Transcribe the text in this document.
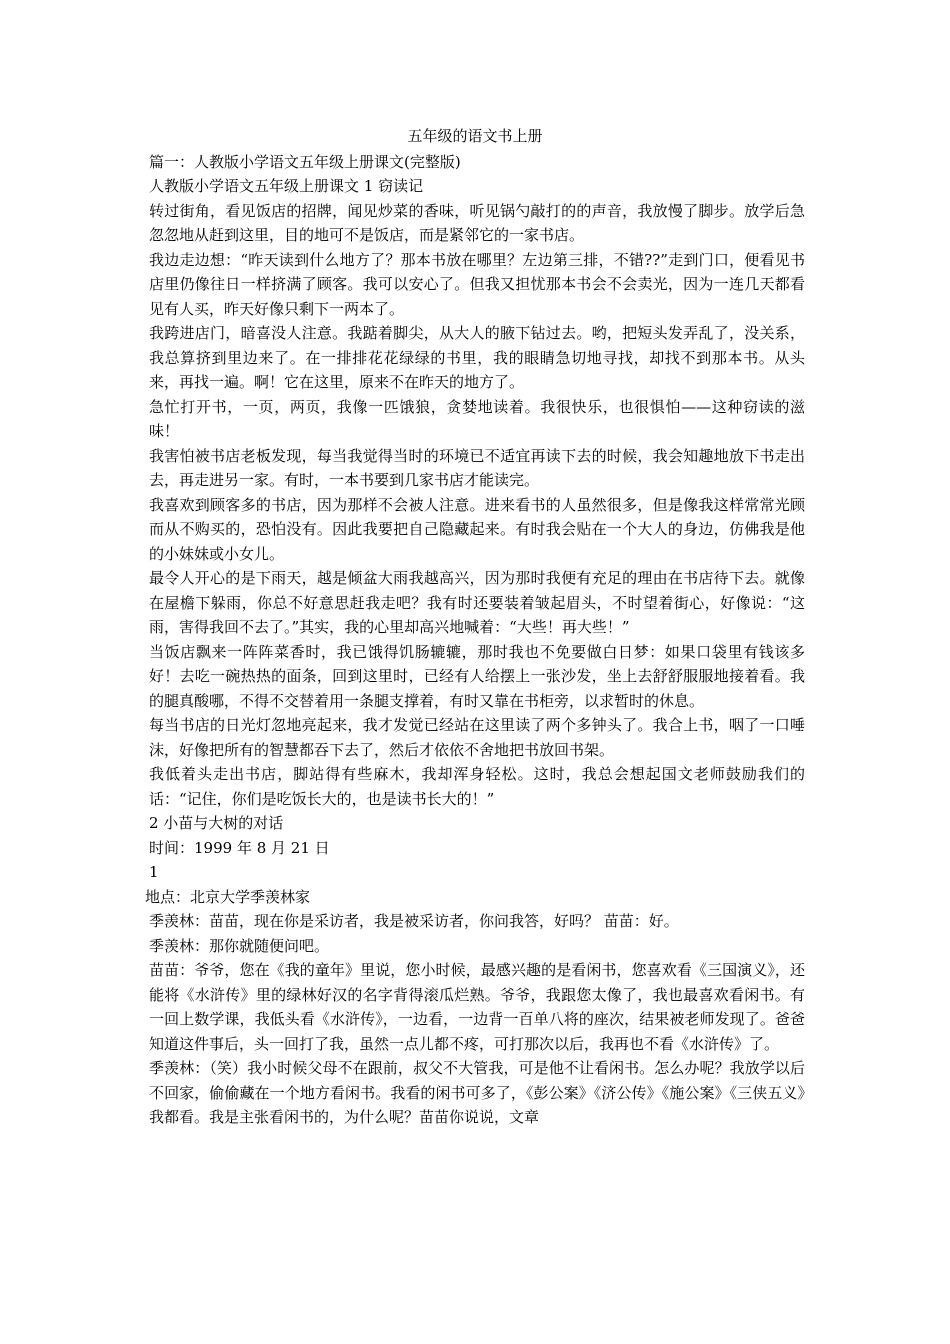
五年级的语文书上册

篇一：人教版小学语文五年级上册课文(完整版)

人教版小学语文五年级上册课文 1 窃读记

转过街角，看见饭店的招牌，闻见炒菜的香味，听见锅勺敲打的的声音，我放慢了脚步。放学后急忽忽地从赶到这里，目的地可不是饭店，而是紧邻它的一家书店。

我边走边想：“昨天读到什么地方了？那本书放在哪里？左边第三排，不错??”走到门口，便看见书店里仍像往日一样挤满了顾客。我可以安心了。但我又担忧那本书会不会卖光，因为一连几天都看见有人买，昨天好像只剩下一两本了。

我跨进店门，暗喜没人注意。我踮着脚尖，从大人的腋下钻过去。哟，把短头发弄乱了，没关系，我总算挤到里边来了。在一排排花花绿绿的书里，我的眼睛急切地寻找，却找不到那本书。从头来，再找一遍。啊！它在这里，原来不在昨天的地方了。

急忙打开书，一页，两页，我像一匹饿狼，贪婪地读着。我很快乐，也很惧怕——这种窃读的滋味！

我害怕被书店老板发现，每当我觉得当时的环境已不适宜再读下去的时候，我会知趣地放下书走出去，再走进另一家。有时，一本书要到几家书店才能读完。

我喜欢到顾客多的书店，因为那样不会被人注意。进来看书的人虽然很多，但是像我这样常常光顾而从不购买的，恐怕没有。因此我要把自己隐藏起来。有时我会贴在一个大人的身边，仿佛我是他的小妹妹或小女儿。

最令人开心的是下雨天，越是倾盆大雨我越高兴，因为那时我便有充足的理由在书店待下去。就像在屋檐下躲雨，你总不好意思赶我走吧？我有时还要装着皱起眉头，不时望着街心，好像说：“这雨，害得我回不去了。”其实，我的心里却高兴地喊着：“大些！再大些！”

当饭店飘来一阵阵菜香时，我已饿得饥肠辘辘，那时我也不免要做白日梦：如果口袋里有钱该多好！去吃一碗热热的面条，回到这里时，已经有人给摆上一张沙发，坐上去舒舒服服地接着看。我的腿真酸哪，不得不交替着用一条腿支撑着，有时又靠在书柜旁，以求暂时的休息。

每当书店的日光灯忽地亮起来，我才发觉已经站在这里读了两个多钟头了。我合上书，咽了一口唾沫，好像把所有的智慧都吞下去了，然后才依依不舍地把书放回书架。

我低着头走出书店，脚站得有些麻木，我却浑身轻松。这时，我总会想起国文老师鼓励我们的话：“记住，你们是吃饭长大的，也是读书长大的！”

2 小苗与大树的对话

时间：1999 年 8 月 21 日

1

地点：北京大学季羡林家

季羡林：苗苗，现在你是采访者，我是被采访者，你问我答，好吗？ 苗苗：好。

季羡林：那你就随便问吧。

苗苗：爷爷，您在《我的童年》里说，您小时候，最感兴趣的是看闲书，您喜欢看《三国演义》，还能将《水浒传》里的绿林好汉的名字背得滚瓜烂熟。爷爷，我跟您太像了，我也最喜欢看闲书。有一回上数学课，我低头看《水浒传》，一边看，一边背一百单八将的座次，结果被老师发现了。爸爸知道这件事后，头一回打了我，虽然一点儿都不疼，可打那次以后，我再也不看《水浒传》了。

季羡林：（笑）我小时候父母不在跟前，叔父不大管我，可是他不让看闲书。怎么办呢？我放学以后不回家，偷偷藏在一个地方看闲书。我看的闲书可多了，《彭公案》《济公传》《施公案》《三侠五义》我都看。我是主张看闲书的，为什么呢？苗苗你说说，文章
